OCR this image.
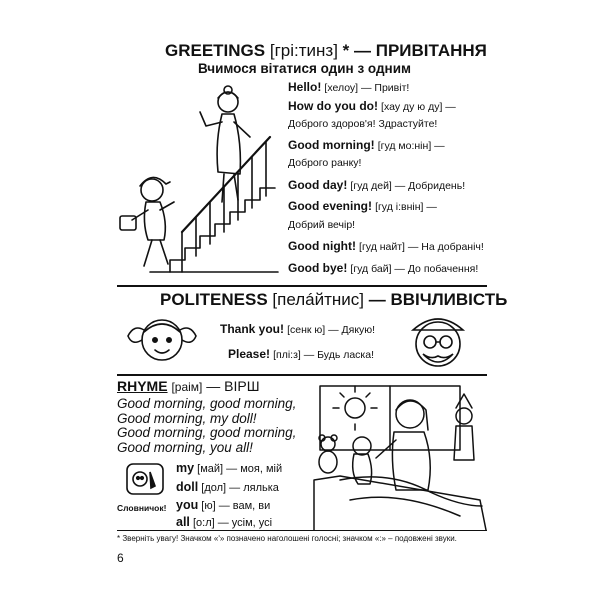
GREETINGS [грі:тинз] * — ПРИВІТАННЯ
Вчимося вітатися один з одним
Hello! [хелоу] — Привіт!
How do you do! [хау ду ю ду] —
Доброго здоров'я! Здрастуйте!
Good morning! [гуд мо:нін] —
Доброго ранку!
Good day! [гуд дей] — Добридень!
Good evening! [гуд і:внін] —
Добрий вечір!
Good night! [гуд найт] — На добраніч!
Good bye! [гуд бай] — До побачення!
POLITENESS [пелáйтнис] — ВВІЧЛИВІСТЬ
Thank you! [сенк ю] — Дякую!
Please! [плі:з] — Будь ласка!
RHYME [раім] — ВІРШ
Good morning, good morning,
Good morning, my doll!
Good morning, good morning,
Good morning, you all!
Словничок!
my [май] — моя, мій
doll [дол] — лялька
you [ю] — вам, ви
all [о:л] — усім, усі
* Зверніть увагу! Значком «ʹ» позначено наголошені голосні; значком «:» – подовжені звуки.
6
